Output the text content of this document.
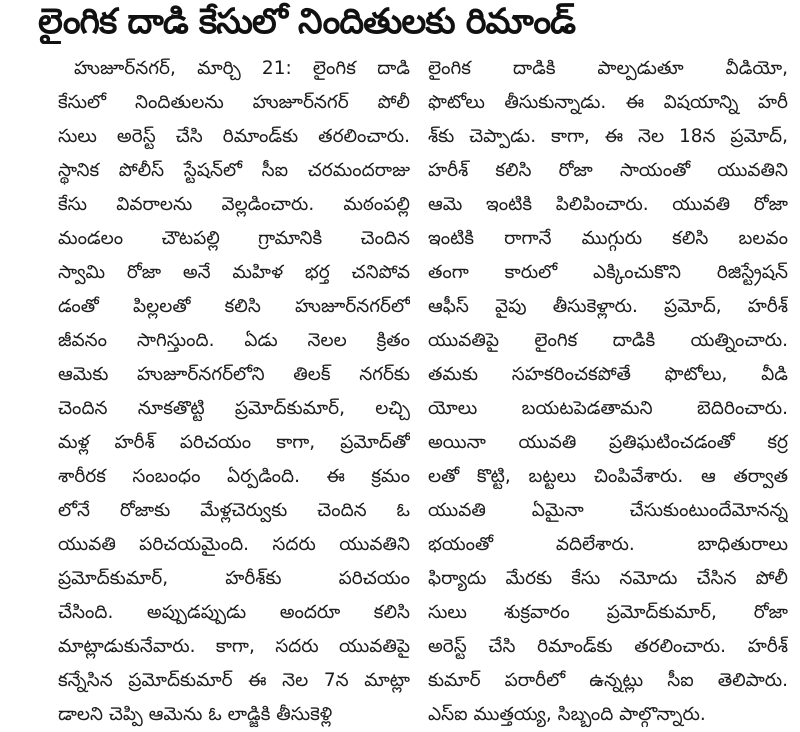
లైంగిక దాడి కేసులో నిందితులకు రిమాండ్
హుజూర్‌నగర్, మార్చి 21: లైంగిక దాడి
కేసులో నిందితులను హుజూర్‌నగర్ పోలీ
సులు అరెస్ట్ చేసి రిమాండ్‌కు తరలించారు.
స్థానిక పోలీస్ స్టేషన్‌లో సీఐ చరమందరాజు
కేసు వివరాలను వెల్లడించారు. మఠంపల్లి
మండలం చౌటపల్లి గ్రామానికి చెందిన
స్వామి రోజా అనే మహిళ భర్త చనిపోవ
డంతో పిల్లలతో కలిసి హుజూర్‌నగర్‌లో
జీవనం సాగిస్తుంది. ఏడు నెలల క్రితం
ఆమెకు హుజూర్‌నగర్‌లోని తిలక్ నగర్‌కు
చెందిన నూకతొట్టి ప్రమోద్‌కుమార్, లచ్చి
మళ్ల హరీశ్ పరిచయం కాగా, ప్రమోద్‌తో
శారీరక సంబంధం ఏర్పడింది. ఈ క్రమం
లోనే రోజాకు మేళ్లచెర్వుకు చెందిన ఓ
యువతి పరిచయమైంది. సదరు యువతిని
ప్రమోద్‌కుమార్, హరీశ్‌కు పరిచయం
చేసింది. అప్పుడప్పుడు అందరూ కలిసి
మాట్లాడుకునేవారు. కాగా, సదరు యువతిపై
కన్నేసిన ప్రమోద్‌కుమార్ ఈ నెల 7న మాట్లా
డాలని చెప్పి ఆమెను ఓ లాడ్జికి తీసుకెళ్లి
లైంగిక దాడికి పాల్పడుతూ వీడియో,
ఫొటోలు తీసుకున్నాడు. ఈ విషయాన్ని హరీ
శ్‌కు చెప్పాడు. కాగా, ఈ నెల 18న ప్రమోద్,
హరీశ్ కలిసి రోజా సాయంతో యువతిని
ఆమె ఇంటికి పిలిపించారు. యువతి రోజా
ఇంటికి రాగానే ముగ్గురు కలిసి బలవం
తంగా కారులో ఎక్కించుకొని రిజిస్ట్రేషన్
ఆఫీస్ వైపు తీసుకెళ్లారు. ప్రమోద్, హరీశ్
యువతిపై లైంగిక దాడికి యత్నించారు.
తమకు సహకరించకపోతే ఫొటోలు, వీడి
యోలు బయటపెడతామని బెదిరించారు.
అయినా యువతి ప్రతిఘటించడంతో కర్ర
లతో కొట్టి, బట్టలు చింపివేశారు. ఆ తర్వాత
యువతి ఏమైనా చేసుకుంటుందేమోనన్న
భయంతో వదిలేశారు. బాధితురాలు
ఫిర్యాదు మేరకు కేసు నమోదు చేసిన పోలీ
సులు శుక్రవారం ప్రమోద్‌కుమార్, రోజా
అరెస్ట్ చేసి రిమాండ్‌కు తరలించారు. హరీశ్
కుమార్ పరారీలో ఉన్నట్లు సీఐ తెలిపారు.
ఎస్ఐ ముత్తయ్య, సిబ్బంది పాల్గొన్నారు.
